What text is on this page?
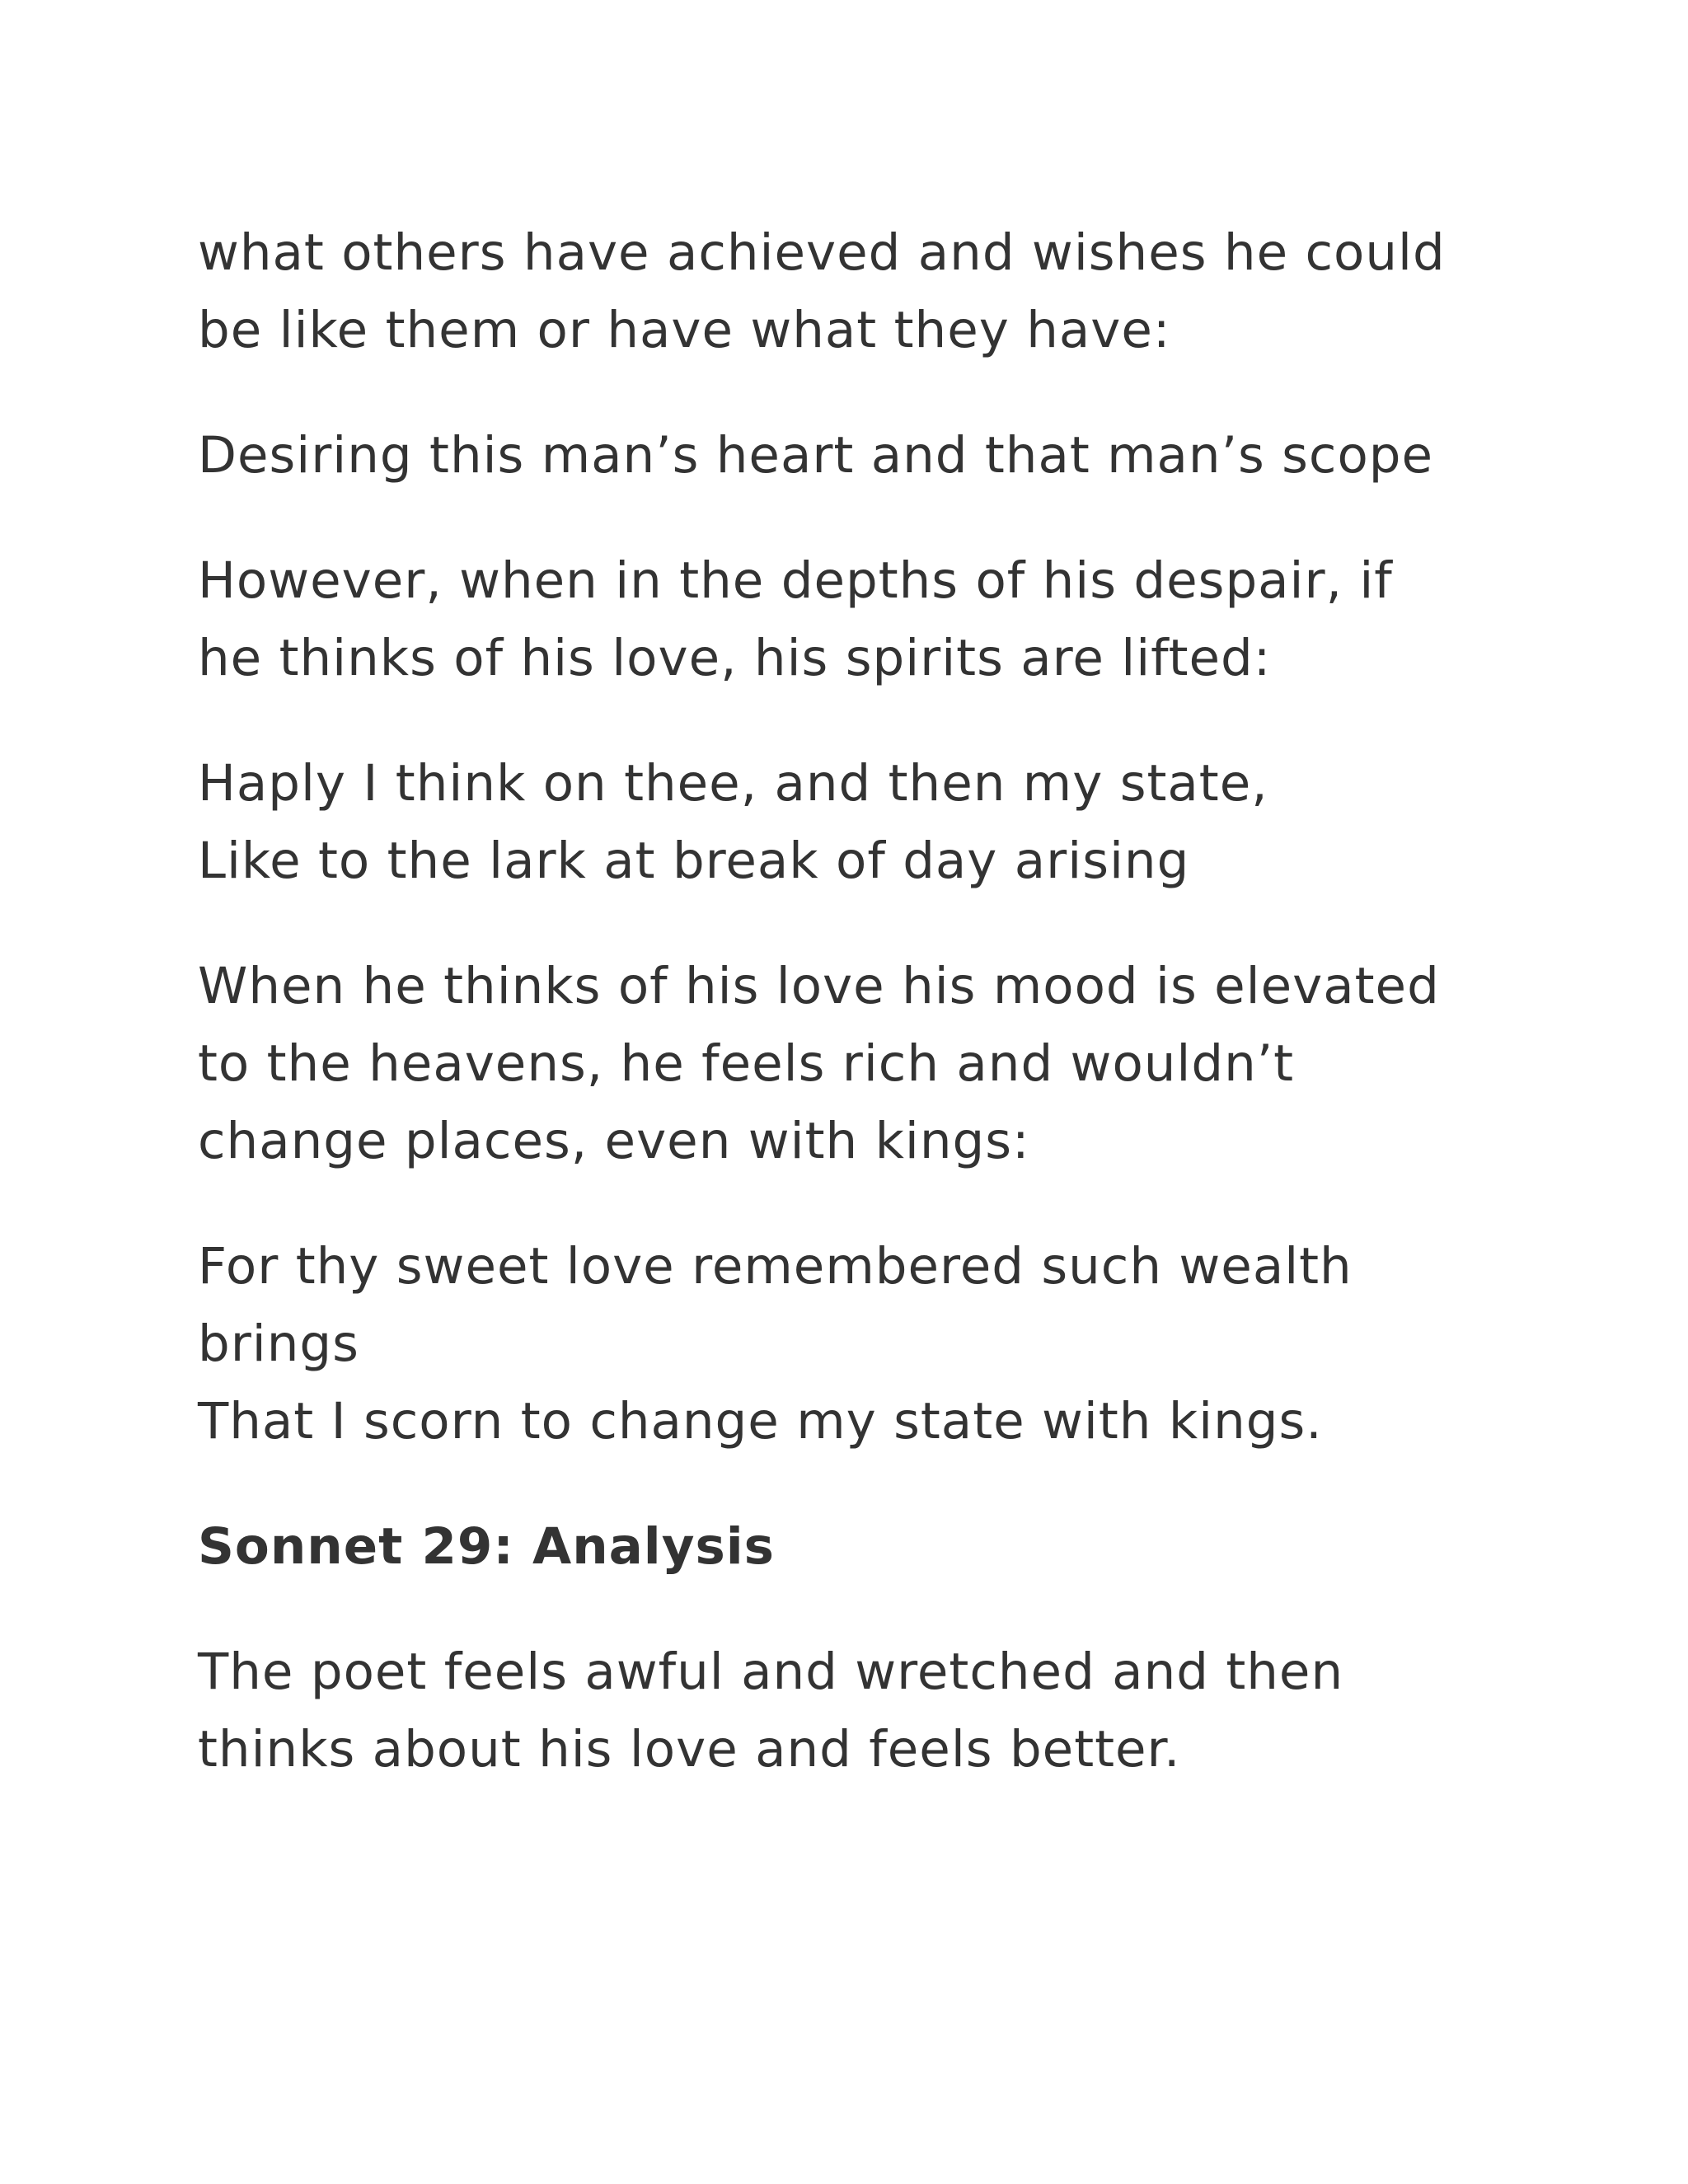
what others have achieved and wishes he could
be like them or have what they have:

Desiring this man’s heart and that man’s scope

However, when in the depths of his despair, if
he thinks of his love, his spirits are lifted:

Haply I think on thee, and then my state,
Like to the lark at break of day arising

When he thinks of his love his mood is elevated
to the heavens, he feels rich and wouldn’t
change places, even with kings:

For thy sweet love remembered such wealth
brings
That I scorn to change my state with kings.

Sonnet 29: Analysis

The poet feels awful and wretched and then
thinks about his love and feels better.
